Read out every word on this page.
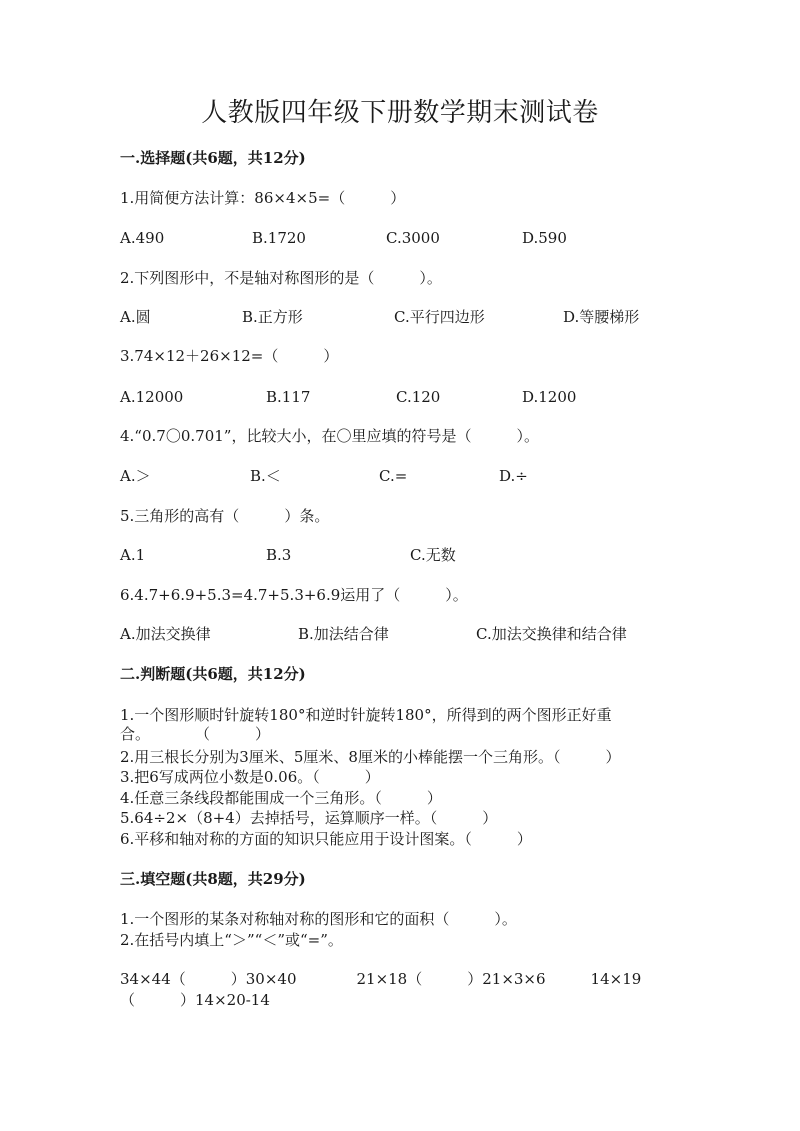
人教版四年级下册数学期末测试卷
一.选择题(共6题，共12分)
1.用简便方法计算：86×4×5=（　　　）
A.490	B.1720	C.3000	D.590
2.下列图形中，不是轴对称图形的是（　　　）。
A.圆	B.正方形	C.平行四边形	D.等腰梯形
3.74×12＋26×12=（　　　）
A.12000	B.117	C.120	D.1200
4.“0.7〇0.701”，比较大小，在〇里应填的符号是（　　　）。
A.＞	B.＜	C.=	D.÷
5.三角形的高有（　　　）条。
A.1	B.3	C.无数
6.4.7+6.9+5.3=4.7+5.3+6.9运用了（　　　）。
A.加法交换律	B.加法结合律	C.加法交换律和结合律
二.判断题(共6题，共12分)
1.一个图形顺时针旋转180°和逆时针旋转180°，所得到的两个图形正好重
合。　　　　（　　　）
2.用三根长分别为3厘米、5厘米、8厘米的小棒能摆一个三角形。（　　　）
3.把6写成两位小数是0.06。（　　　）
4.任意三条线段都能围成一个三角形。（　　　）
5.64÷2×（8+4）去掉括号，运算顺序一样。（　　　）
6.平移和轴对称的方面的知识只能应用于设计图案。（　　　）
三.填空题(共8题，共29分)
1.一个图形的某条对称轴对称的图形和它的面积（　　　）。
2.在括号内填上“＞”“＜”或“=”。
34×44（　　　）30×40　　　　21×18（　　　）21×3×6　　　14×19
（　　　）14×20-14
